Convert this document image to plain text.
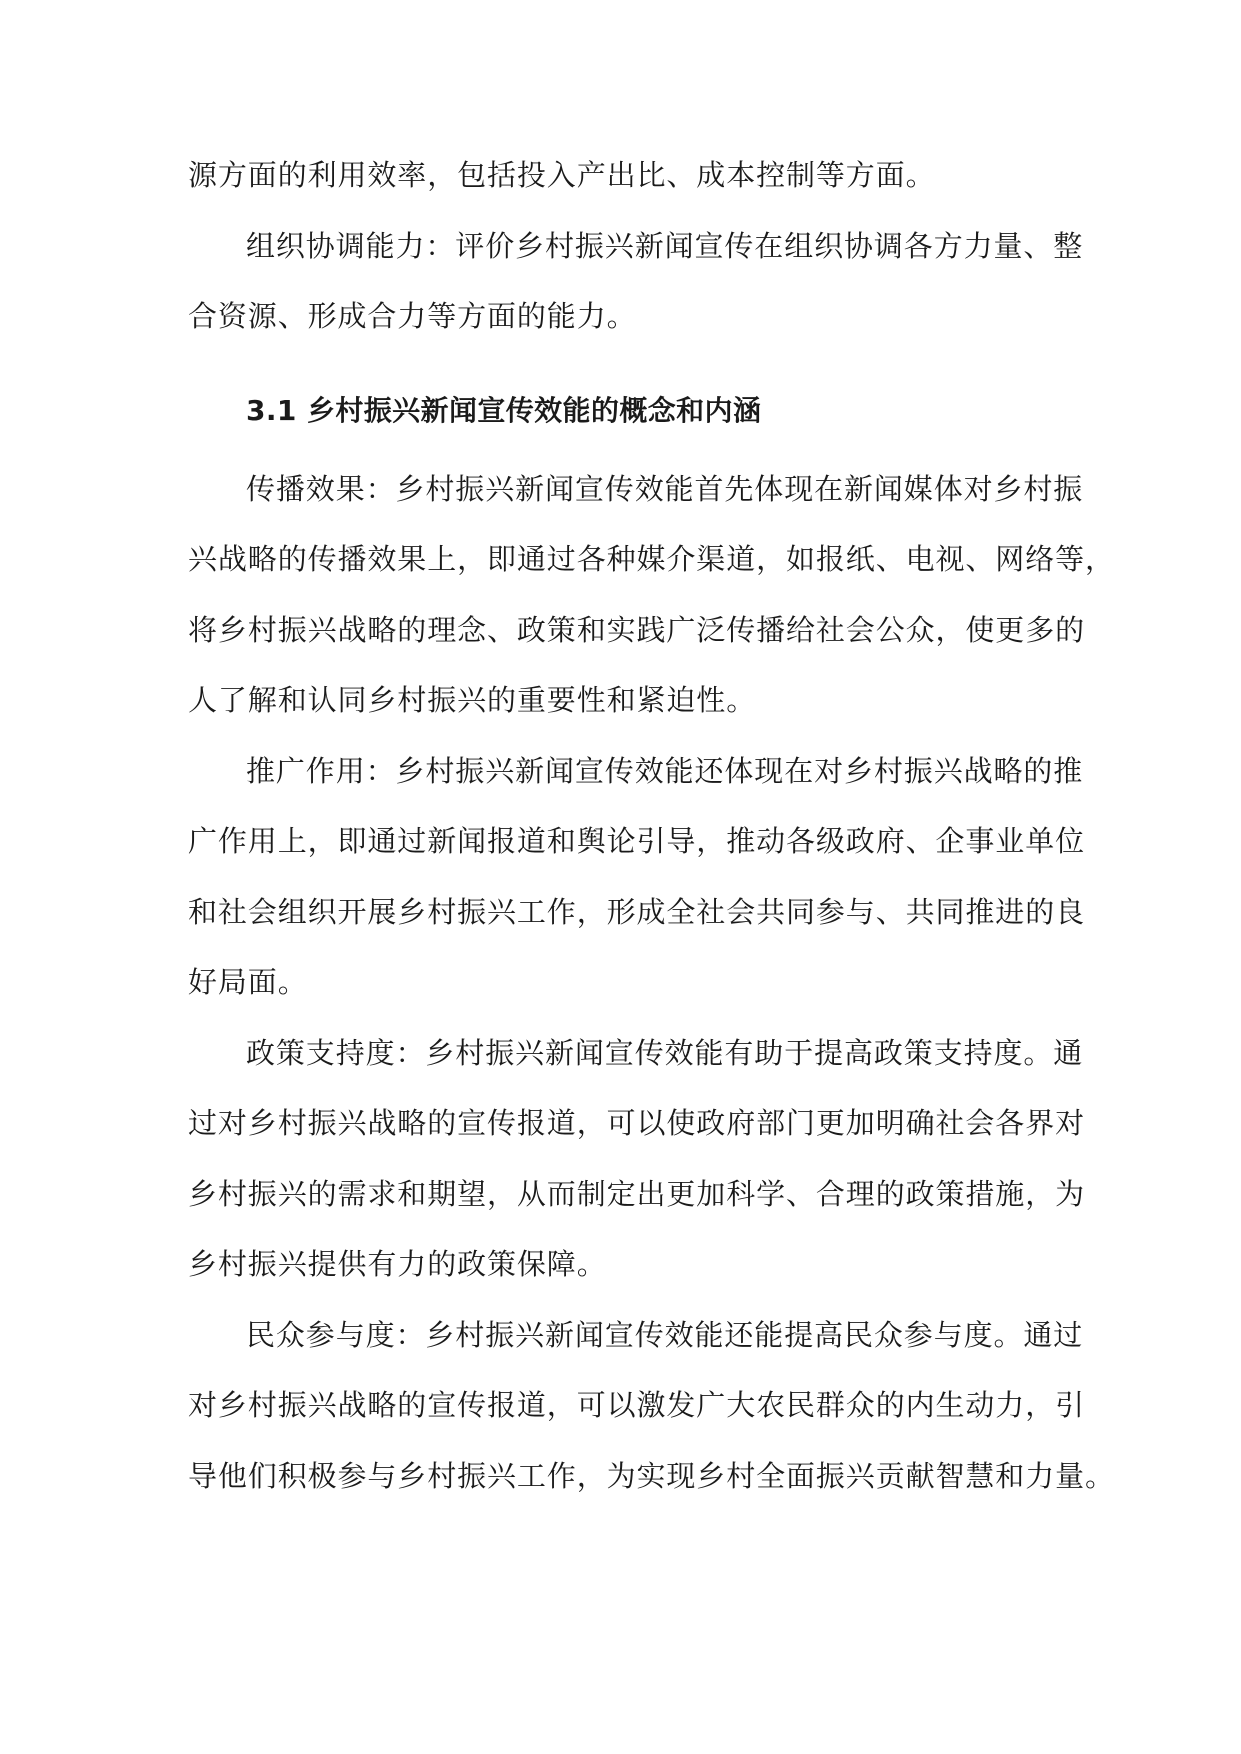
源方面的利用效率，包括投入产出比、成本控制等方面。
组织协调能力：评价乡村振兴新闻宣传在组织协调各方力量、整
合资源、形成合力等方面的能力。
3.1 乡村振兴新闻宣传效能的概念和内涵
传播效果：乡村振兴新闻宣传效能首先体现在新闻媒体对乡村振
兴战略的传播效果上，即通过各种媒介渠道，如报纸、电视、网络等，
将乡村振兴战略的理念、政策和实践广泛传播给社会公众，使更多的
人了解和认同乡村振兴的重要性和紧迫性。
推广作用：乡村振兴新闻宣传效能还体现在对乡村振兴战略的推
广作用上，即通过新闻报道和舆论引导，推动各级政府、企事业单位
和社会组织开展乡村振兴工作，形成全社会共同参与、共同推进的良
好局面。
政策支持度：乡村振兴新闻宣传效能有助于提高政策支持度。通
过对乡村振兴战略的宣传报道，可以使政府部门更加明确社会各界对
乡村振兴的需求和期望，从而制定出更加科学、合理的政策措施，为
乡村振兴提供有力的政策保障。
民众参与度：乡村振兴新闻宣传效能还能提高民众参与度。通过
对乡村振兴战略的宣传报道，可以激发广大农民群众的内生动力，引
导他们积极参与乡村振兴工作，为实现乡村全面振兴贡献智慧和力量。
